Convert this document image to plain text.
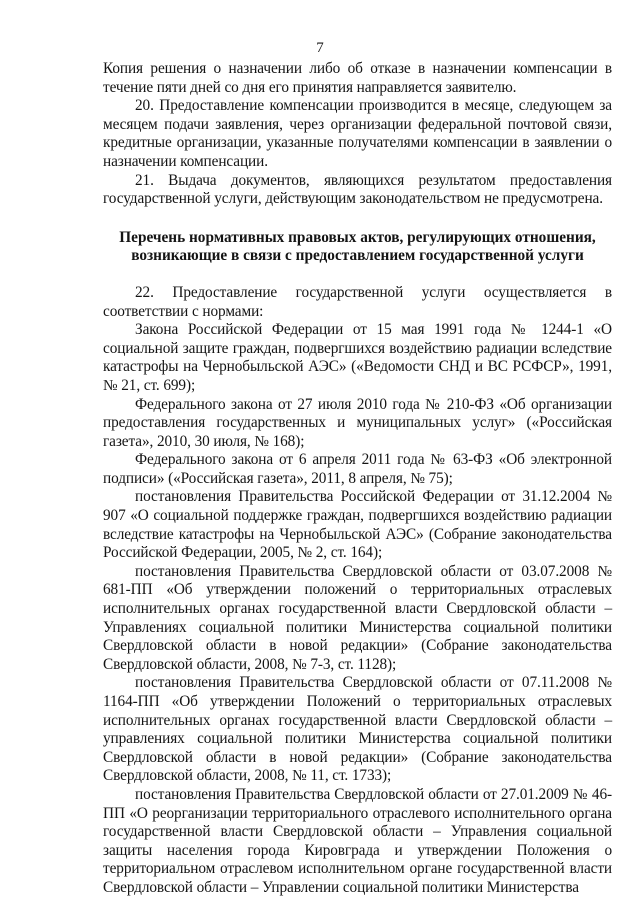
7

Копия решения о назначении либо об отказе в назначении компенсации в течение пяти дней со дня его принятия направляется заявителю.

20. Предоставление компенсации производится в месяце, следующем за месяцем подачи заявления, через организации федеральной почтовой связи, кредитные организации, указанные получателями компенсации в заявлении о назначении компенсации.

21. Выдача документов, являющихся результатом предоставления государственной услуги, действующим законодательством не предусмотрена.

Перечень нормативных правовых актов, регулирующих отношения,
возникающие в связи с предоставлением государственной услуги

22. Предоставление государственной услуги осуществляется в соответствии с нормами:

Закона Российской Федерации от 15 мая 1991 года № 1244-1 «О социальной защите граждан, подвергшихся воздействию радиации вследствие катастрофы на Чернобыльской АЭС» («Ведомости СНД и ВС РСФСР», 1991, № 21, ст. 699);

Федерального закона от 27 июля 2010 года № 210-ФЗ «Об организации предоставления государственных и муниципальных услуг» («Российская газета», 2010, 30 июля, № 168);

Федерального закона от 6 апреля 2011 года № 63-ФЗ «Об электронной подписи» («Российская газета», 2011, 8 апреля, № 75);

постановления Правительства Российской Федерации от 31.12.2004 № 907 «О социальной поддержке граждан, подвергшихся воздействию радиации вследствие катастрофы на Чернобыльской АЭС» (Собрание законодательства Российской Федерации, 2005, № 2, ст. 164);

постановления Правительства Свердловской области от 03.07.2008 № 681-ПП «Об утверждении положений о территориальных отраслевых исполнительных органах государственной власти Свердловской области – Управлениях социальной политики Министерства социальной политики Свердловской области в новой редакции» (Собрание законодательства Свердловской области, 2008, № 7-3, ст. 1128);

постановления Правительства Свердловской области от 07.11.2008 № 1164-ПП «Об утверждении Положений о территориальных отраслевых исполнительных органах государственной власти Свердловской области – управлениях социальной политики Министерства социальной политики Свердловской области в новой редакции» (Собрание законодательства Свердловской области, 2008, № 11, ст. 1733);

постановления Правительства Свердловской области от 27.01.2009 № 46-ПП «О реорганизации территориального отраслевого исполнительного органа государственной власти Свердловской области – Управления социальной защиты населения города Кировграда и утверждении Положения о территориальном отраслевом исполнительном органе государственной власти Свердловской области – Управлении социальной политики Министерства
